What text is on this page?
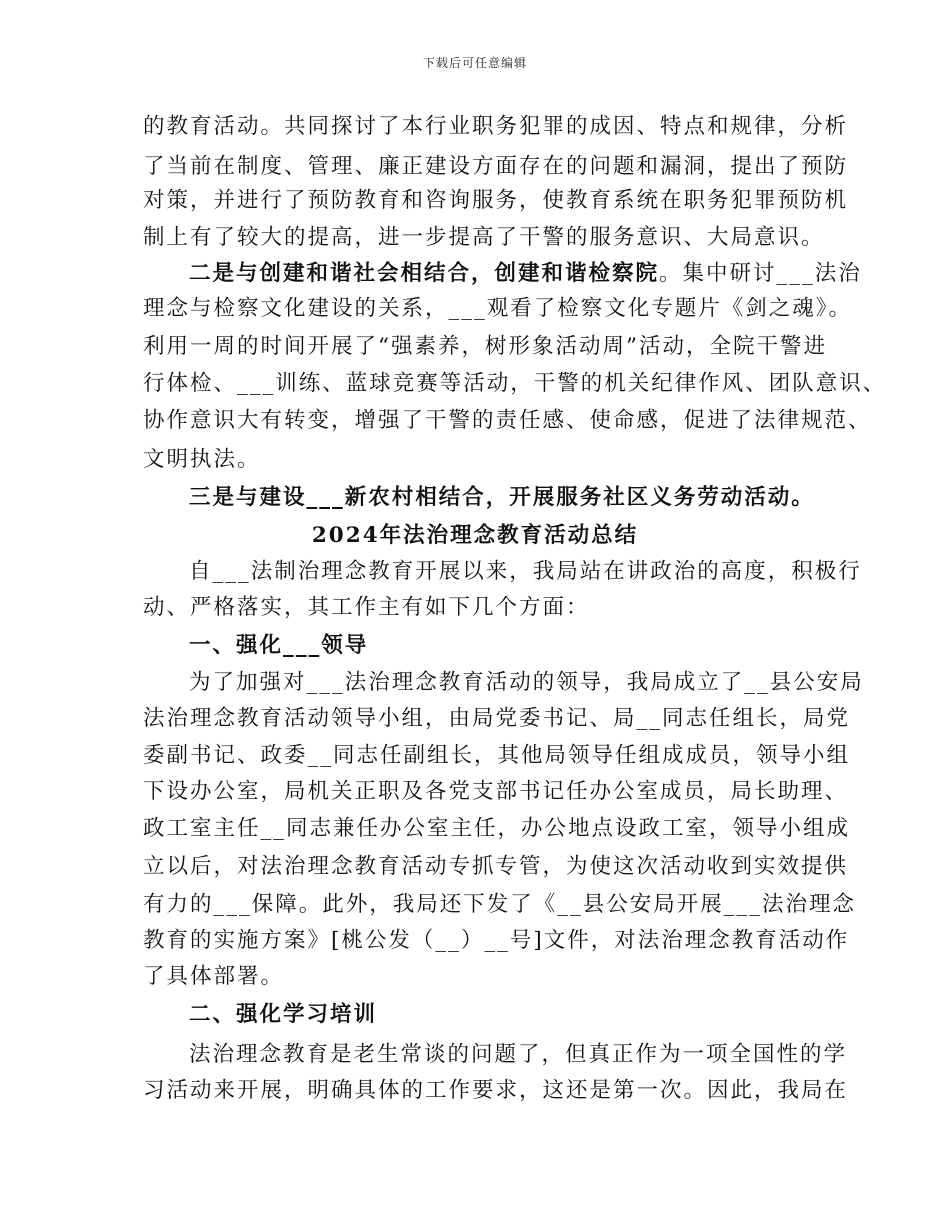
下载后可任意编辑
的教育活动。共同探讨了本行业职务犯罪的成因、特点和规律，分析
了当前在制度、管理、廉正建设方面存在的问题和漏洞，提出了预防
对策，并进行了预防教育和咨询服务，使教育系统在职务犯罪预防机
制上有了较大的提高，进一步提高了干警的服务意识、大局意识。
二是与创建和谐社会相结合，创建和谐检察院。集中研讨___法治
理念与检察文化建设的关系，___观看了检察文化专题片《剑之魂》。
利用一周的时间开展了“强素养，树形象活动周”活动，全院干警进
行体检、___训练、蓝球竞赛等活动，干警的机关纪律作风、团队意识、
协作意识大有转变，增强了干警的责任感、使命感，促进了法律规范、
文明执法。
三是与建设___新农村相结合，开展服务社区义务劳动活动。
2024年法治理念教育活动总结
自___法制治理念教育开展以来，我局站在讲政治的高度，积极行
动、严格落实，其工作主有如下几个方面：
一、强化___领导
为了加强对___法治理念教育活动的领导，我局成立了__县公安局
法治理念教育活动领导小组，由局党委书记、局__同志任组长，局党
委副书记、政委__同志任副组长，其他局领导任组成成员，领导小组
下设办公室，局机关正职及各党支部书记任办公室成员，局长助理、
政工室主任__同志兼任办公室主任，办公地点设政工室，领导小组成
立以后，对法治理念教育活动专抓专管，为使这次活动收到实效提供
有力的___保障。此外，我局还下发了《__县公安局开展___法治理念
教育的实施方案》[桃公发（__）__号]文件，对法治理念教育活动作
了具体部署。
二、强化学习培训
法治理念教育是老生常谈的问题了，但真正作为一项全国性的学
习活动来开展，明确具体的工作要求，这还是第一次。因此，我局在
